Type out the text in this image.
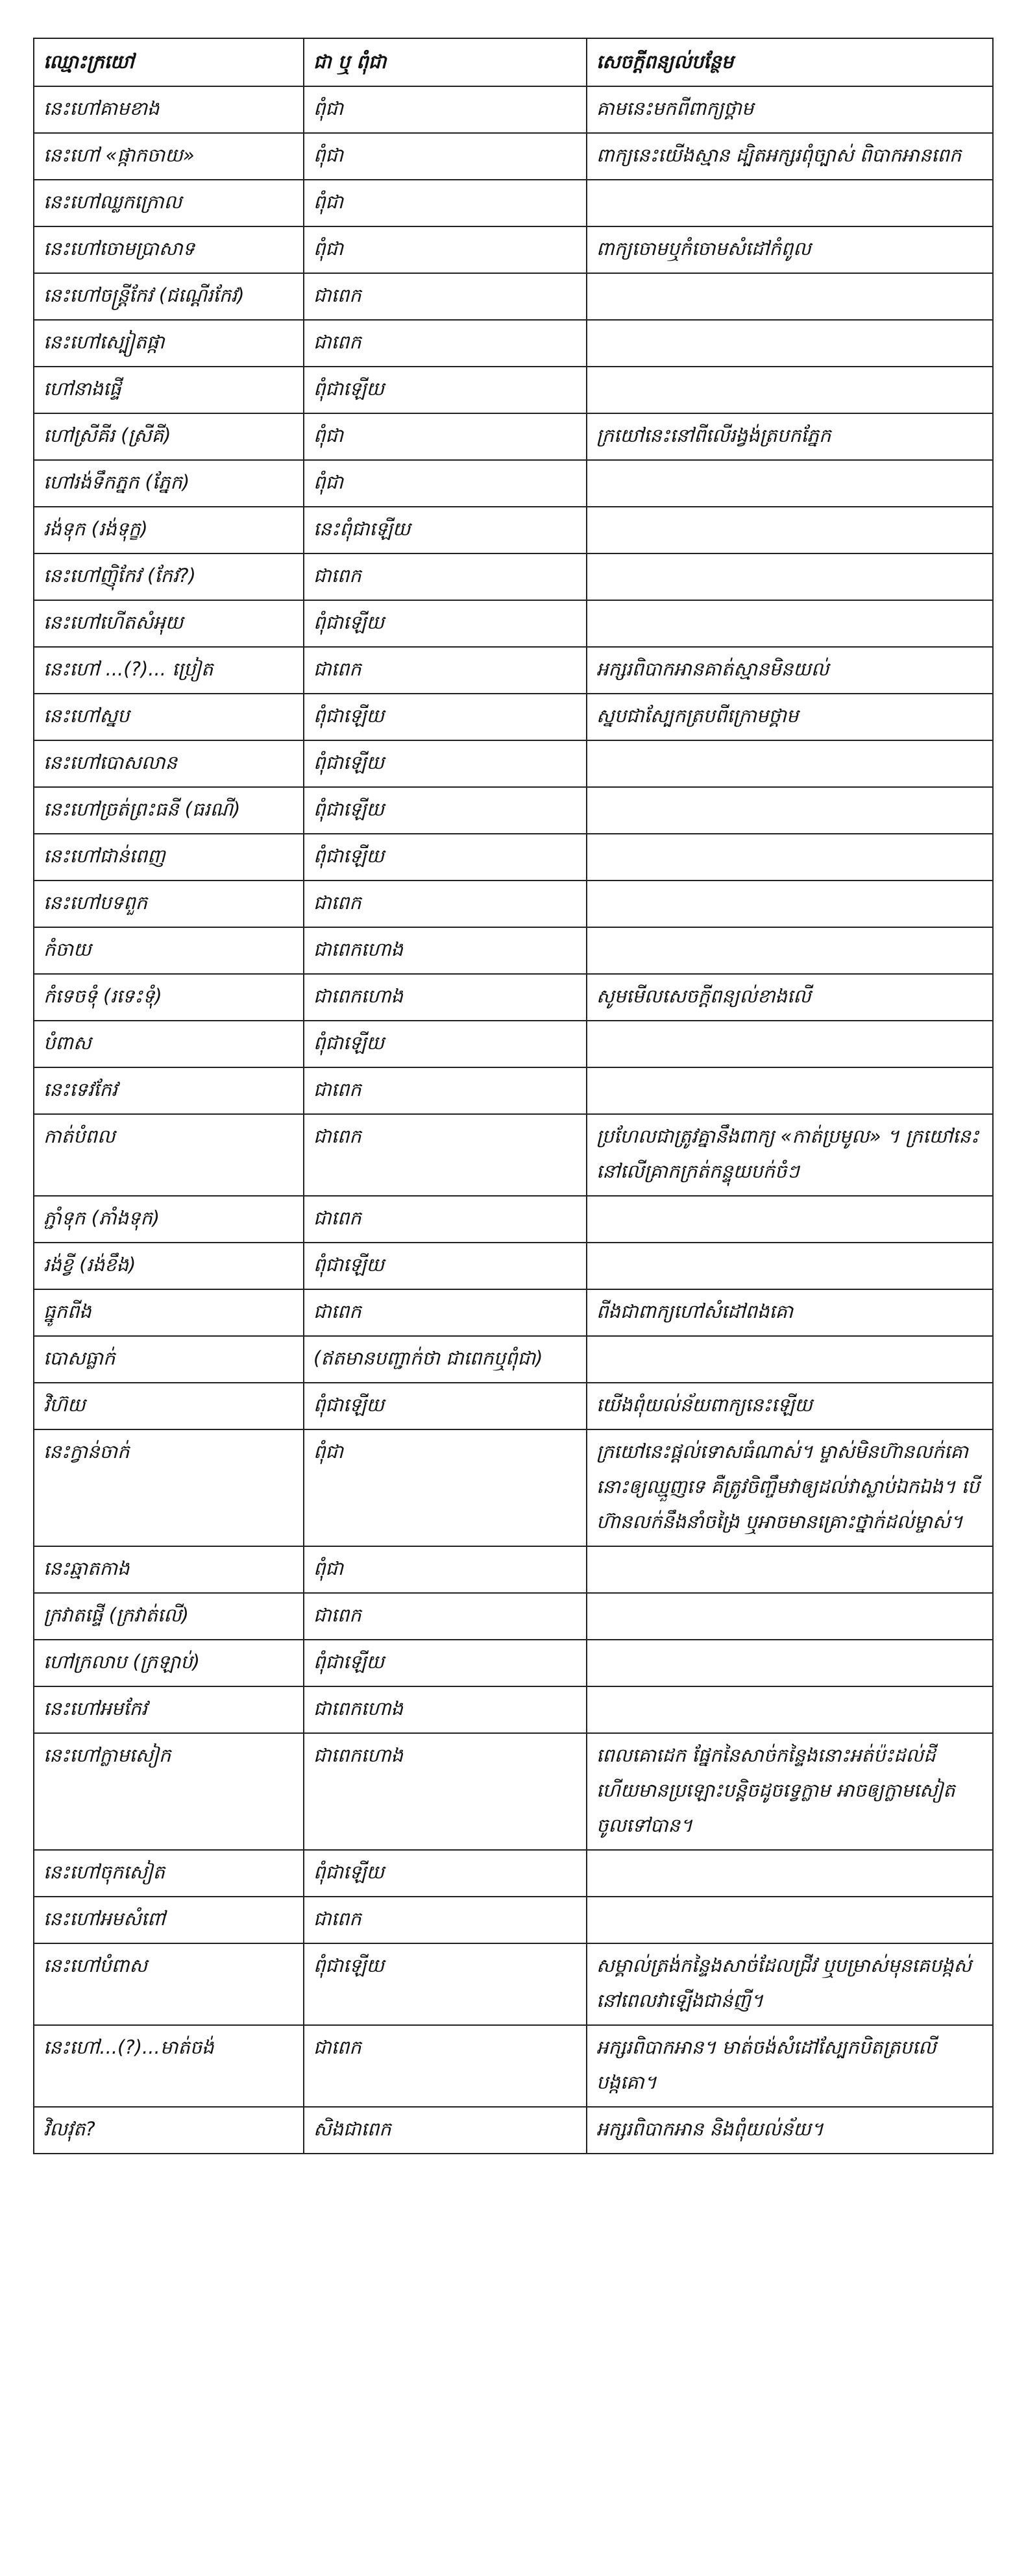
ឈ្មោះក្រយៅ	ជា ឬ ពុំជា	សេចក្តីពន្យល់បន្ថែម
នេះហៅគាមខាង	ពុំជា	គាមនេះមកពីពាក្យថ្គាម
នេះហៅ «ផ្កាកចាយ»	ពុំជា	ពាក្យនេះយើងស្មាន ដ្បិតអក្សរពុំច្បាស់ ពិបាកអានពេក
នេះហៅឈ្លកក្រោល	ពុំជា	
នេះហៅចោមប្រាសាទ	ពុំជា	ពាក្យចោមឬកំចោមសំដៅកំពូល
នេះហៅចន្ត្រីកែវ (ជណ្តើរកែវ)	ជាពេក	
នេះហៅស្បៀតផ្កា	ជាពេក	
ហៅនាងផ្ទើ	ពុំជាឡើយ	
ហៅស្រីគីរ (ស្រីគី)	ពុំជា	ក្រយៅនេះនៅពីលើរង្វង់ត្របកភ្នែក
ហៅរង់ទឹកភ្នក (ភ្នែក)	ពុំជា	
រង់ទុក (រង់ទុក្ខ)	នេះពុំជាឡើយ	
នេះហៅញ៉ិកែវ (កែវ?)	ជាពេក	
នេះហៅហើតសំអុយ	ពុំជាឡើយ	
នេះហៅ ...(?)... ប្រៀត	ជាពេក	អក្សរពិបាកអានគាត់ស្មានមិនយល់
នេះហៅស្នប	ពុំជាឡើយ	ស្នបជាស្បែកត្របពីក្រោមថ្គាម
នេះហៅបោសលាន	ពុំជាឡើយ	
នេះហៅច្រត់ព្រះធនី (ធរណី)	ពុំជាឡើយ	
នេះហៅជាន់ពេញ	ពុំជាឡើយ	
នេះហៅបទពួក	ជាពេក	
កំចាយ	ជាពេកហោង	
កំទេចទុំ (រទេះទុំ)	ជាពេកហោង	សូមមើលសេចក្តីពន្យល់ខាងលើ
បំពាស	ពុំជាឡើយ	
នេះទេវកែវ	ជាពេក	
កាត់បំពល	ជាពេក	ប្រហែលជាត្រូវគ្នានឹងពាក្យ «កាត់ប្រមូល» ។ ក្រយៅនេះនៅលើគ្រាកក្រត់កន្ទុយបក់ចំៗ
ភ្ជាំទុក (ភាំងទុក)	ជាពេក	
រង់ខ្វី (រង់ខឹង)	ពុំជាឡើយ	
ធ្នូកពីង	ជាពេក	ពីងជាពាក្យហៅសំដៅពងគោ
បោសធ្លាក់	(ឥតមានបញ្ជាក់ថា ជាពេកឬពុំជា)	
វិហ៊យ	ពុំជាឡើយ	យើងពុំយល់ន័យពាក្យនេះឡើយ
នេះក្វាន់ចាក់	ពុំជា	ក្រយៅនេះផ្តល់ទោសធំណាស់។ ម្ចាស់មិនហ៊ានលក់គោនោះឲ្យឈ្មួញទេ គឺត្រូវចិញ្ចឹមវាឲ្យដល់វាស្លាប់ឯកឯង។ បើហ៊ានលក់នឹងនាំចង្រៃ ឬអាចមានគ្រោះថ្នាក់ដល់ម្ចាស់។
នេះឆ្មាតកាង	ពុំជា	
ក្រវាតផ្ទើ (ក្រវាត់លើ)	ជាពេក	
ហៅក្រលាប (ក្រឡាប់)	ពុំជាឡើយ	
នេះហៅអមកែវ	ជាពេកហោង	
នេះហៅក្លាមសៀក	ជាពេកហោង	ពេលគោដេក ផ្នែកនៃសាច់កន្ទៃងនោះអត់ប៉ះដល់ដី ហើយមានប្រឡោះបន្តិចដូចទ្វេក្លាម អាចឲ្យក្លាមសៀតចូលទៅបាន។
នេះហៅចុកសៀត	ពុំជាឡើយ	
នេះហៅអមសំពៅ	ជាពេក	
នេះហៅបំពាស	ពុំជាឡើយ	សម្គាល់ត្រង់កន្ទៃងសាច់ដែលជ្រីវ ឬបម្រាស់មុនគេបង្កស់នៅពេលវាឡើងជាន់ញី។
នេះហៅ...(?)...មាត់ចង់	ជាពេក	អក្សរពិបាកអាន។ មាត់ចង់សំដៅស្បែកបិតត្របលើបង្កគោ។
វិលវុត?	សិងជាពេក	អក្សរពិបាកអាន និងពុំយល់ន័យ។
